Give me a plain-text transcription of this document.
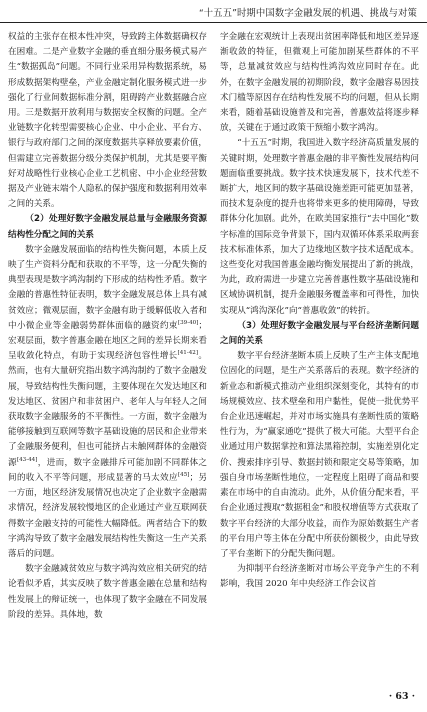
“十五五”时期中国数字金融发展的机遇、挑战与对策

权益的主张存在根本性冲突，导致跨主体数据确权存在困难。二是产业数字金融的垂直细分服务模式易产生“数据孤岛”问题。不同行业采用异构数据系统，易形成数据架构壁垒，产业金融定制化服务模式进一步强化了行业间数据标准分割，阻碍跨产业数据融合应用。三是数据开放利用与数据安全权衡的问题。全产业链数字化转型需要核心企业、中小企业、平台方、银行与政府部门之间的深度数据共享释放要素价值，但需建立完善数据分级分类保护机制，尤其是要平衡好对战略性行业核心企业工艺机密、中小企业经营数据及产业链末端个人隐私的保护强度和数据利用效率之间的关系。

（2）处理好数字金融发展总量与金融服务资源结构性分配之间的关系

数字金融发展面临的结构性失衡问题，本质上反映了生产资料分配和获取的不平等，这一分配失衡的典型表现是数字鸿沟制约下形成的结构性矛盾。数字金融的普惠性特征表明，数字金融发展总体上具有减贫效应；微观层面，数字金融有助于缓解低收入者和中小微企业等金融弱势群体面临的融资约束[39-40]；宏观层面，数字普惠金融在地区之间的差异长期来看呈收敛化特点，有助于实现经济包容性增长[41-42]。然而，也有大量研究指出数字鸿沟制约了数字金融发展，导致结构性失衡问题，主要体现在欠发达地区和发达地区、贫困户和非贫困户、老年人与年轻人之间获取数字金融服务的不平衡性。一方面，数字金融为能够接触到互联网等数字基础设施的居民和企业带来了金融服务便利，但也可能挤占未触网群体的金融资源[43-44]，进而，数字金融排斥可能加剧不同群体之间的收入不平等问题，形成显著的马太效应[45]；另一方面，地区经济发展情况也决定了企业数字金融需求情况，经济发展较慢地区的企业通过产业互联网获得数字金融支持的可能性大幅降低。两者结合下的数字鸿沟导致了数字金融发展结构性失衡这一生产关系落后的问题。

数字金融减贫效应与数字鸿沟效应相关研究的结论看似矛盾，其实反映了数字普惠金融在总量和结构性发展上的辩证统一，也体现了数字金融在不同发展阶段的差异。具体地，数

字金融在宏观统计上表现出贫困率降低和地区差异逐渐收敛的特征，但微观上可能加剧某些群体的不平等，总量减贫效应与结构性鸿沟效应同时存在。此外，在数字金融发展的初期阶段，数字金融容易因技术门槛等原因存在结构性发展不均的问题，但从长期来看，随着基础设施普及和完善，普惠效益将逐步释放，关键在于通过政策干预缩小数字鸿沟。

“十五五”时期，我国进入数字经济高质量发展的关键时期，处理数字普惠金融的非平衡性发展结构问题面临重要挑战。数字技术快速发展下，技术代差不断扩大，地区间的数字基础设施差距可能更加显著，而技术复杂度的提升也将带来更多的使用障碍，导致群体分化加剧。此外，在欧美国家推行“去中国化”数字标准的国际竞争背景下，国内双循环体系采取两套技术标准体系，加大了边缘地区数字技术适配成本。这些变化对我国普惠金融均衡发展提出了新的挑战，为此，政府需进一步建立完善普惠性数字基础设施和区域协调机制，提升金融服务覆盖率和可得性，加快实现从“鸿沟深化”向“普惠收敛”的转折。

（3）处理好数字金融发展与平台经济垄断问题之间的关系

数字平台经济垄断本质上反映了生产主体支配地位固化的问题，是生产关系落后的表现。数字经济的新业态和新模式推动产业组织深刻变化，其特有的市场规模效应、技术壁垒和用户黏性，促使一批优势平台企业迅速崛起，并对市场实施具有垄断性质的策略性行为，为“赢家通吃”提供了极大可能。大型平台企业通过用户数据掌控和算法黑箱控制，实施差别化定价、搜索排序引导、数据封锁和限定交易等策略，加强自身市场垄断性地位，一定程度上阻碍了商品和要素在市场中的自由流动。此外，从价值分配来看，平台企业通过搜取“数据租金”和股权增值等方式获取了数字平台经济的大部分收益，而作为原始数据生产者的平台用户等主体在分配中所获份额极少，由此导致了平台垄断下的分配失衡问题。

为抑制平台经济垄断对市场公平竞争产生的不利影响，我国 2020 年中央经济工作会议首

· 63 ·
